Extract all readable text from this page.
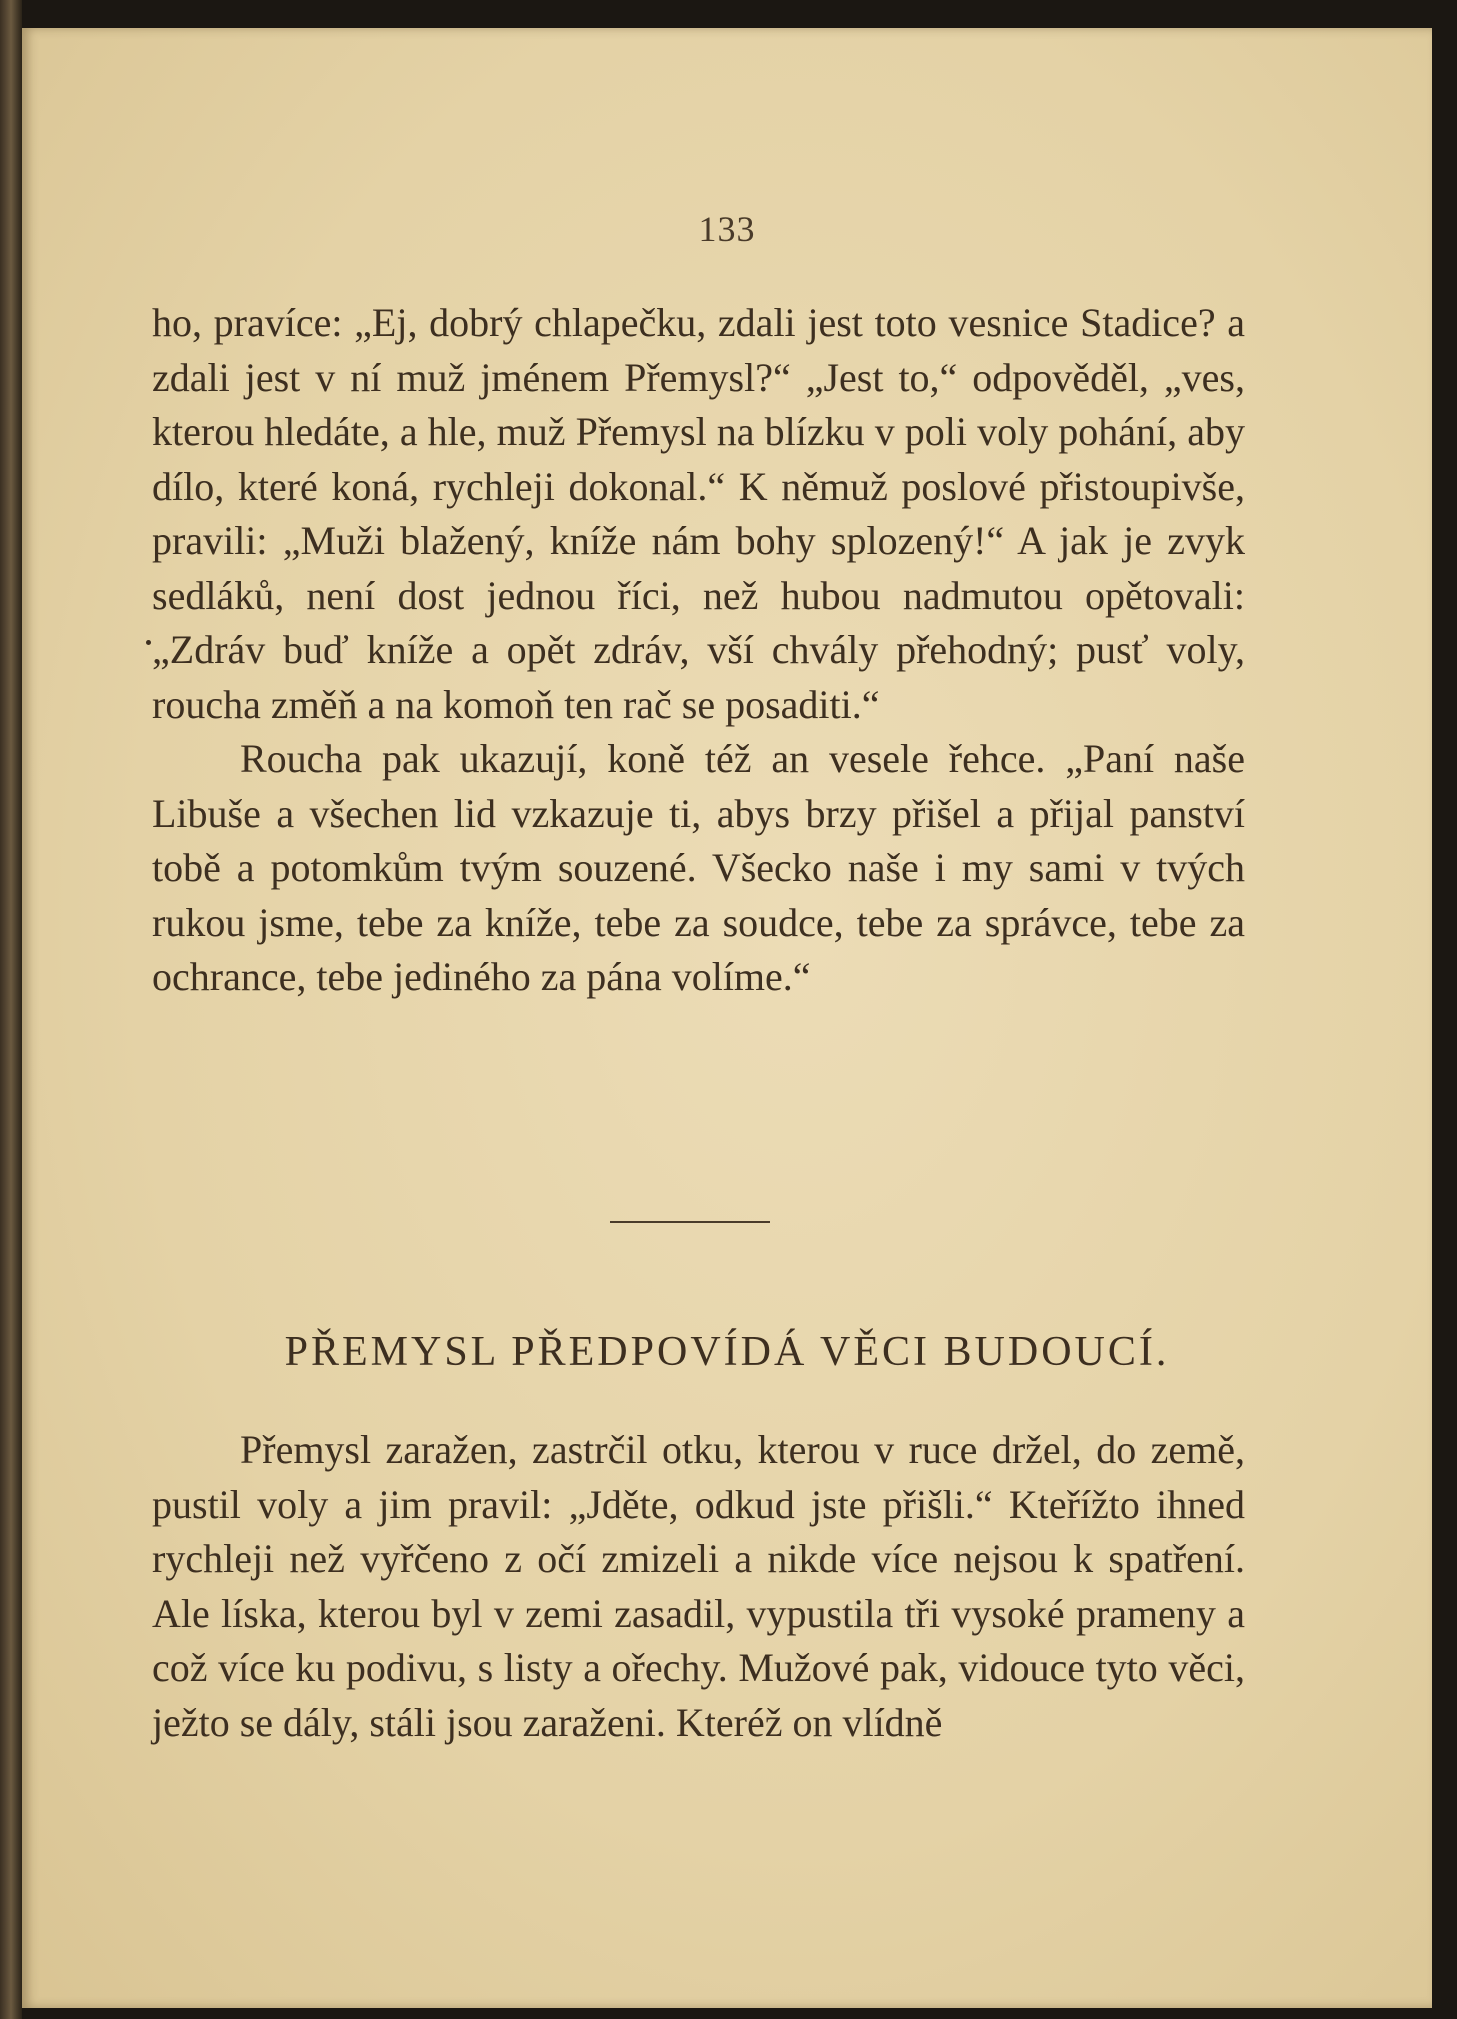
133

ho, pravíce: „Ej, dobrý chlapečku, zdali jest toto vesnice Stadice? a zdali jest v ní muž jménem Přemysl?“ „Jest to,“ odpověděl, „ves, kterou hledáte, a hle, muž Přemysl na blízku v poli voly pohání, aby dílo, které koná, rychleji dokonal.“ K němuž poslové přistoupivše, pravili: „Muži blažený, kníže nám bohy splozený!“ A jak je zvyk sedláků, není dost jednou říci, než hubou nadmutou opětovali: „Zdráv buď kníže a opět zdráv, vší chvály přehodný; pusť voly, roucha změň a na komoň ten rač se posaditi.“

Roucha pak ukazují, koně též an vesele řehce. „Paní naše Libuše a všechen lid vzkazuje ti, abys brzy přišel a přijal panství tobě a potomkům tvým souzené. Všecko naše i my sami v tvých rukou jsme, tebe za kníže, tebe za soudce, tebe za správce, tebe za ochrance, tebe jediného za pána volíme.“

PŘEMYSL PŘEDPOVÍDÁ VĚCI BUDOUCÍ.

Přemysl zaražen, zastrčil otku, kterou v ruce držel, do země, pustil voly a jim pravil: „Jděte, odkud jste přišli.“ Kteřížto ihned rychleji než vyřčeno z očí zmizeli a nikde více nejsou k spatření. Ale líska, kterou byl v zemi zasadil, vypustila tři vysoké prameny a což více ku podivu, s listy a ořechy. Mužové pak, vidouce tyto věci, ježto se dály, stáli jsou zaraženi. Kteréž on vlídně
